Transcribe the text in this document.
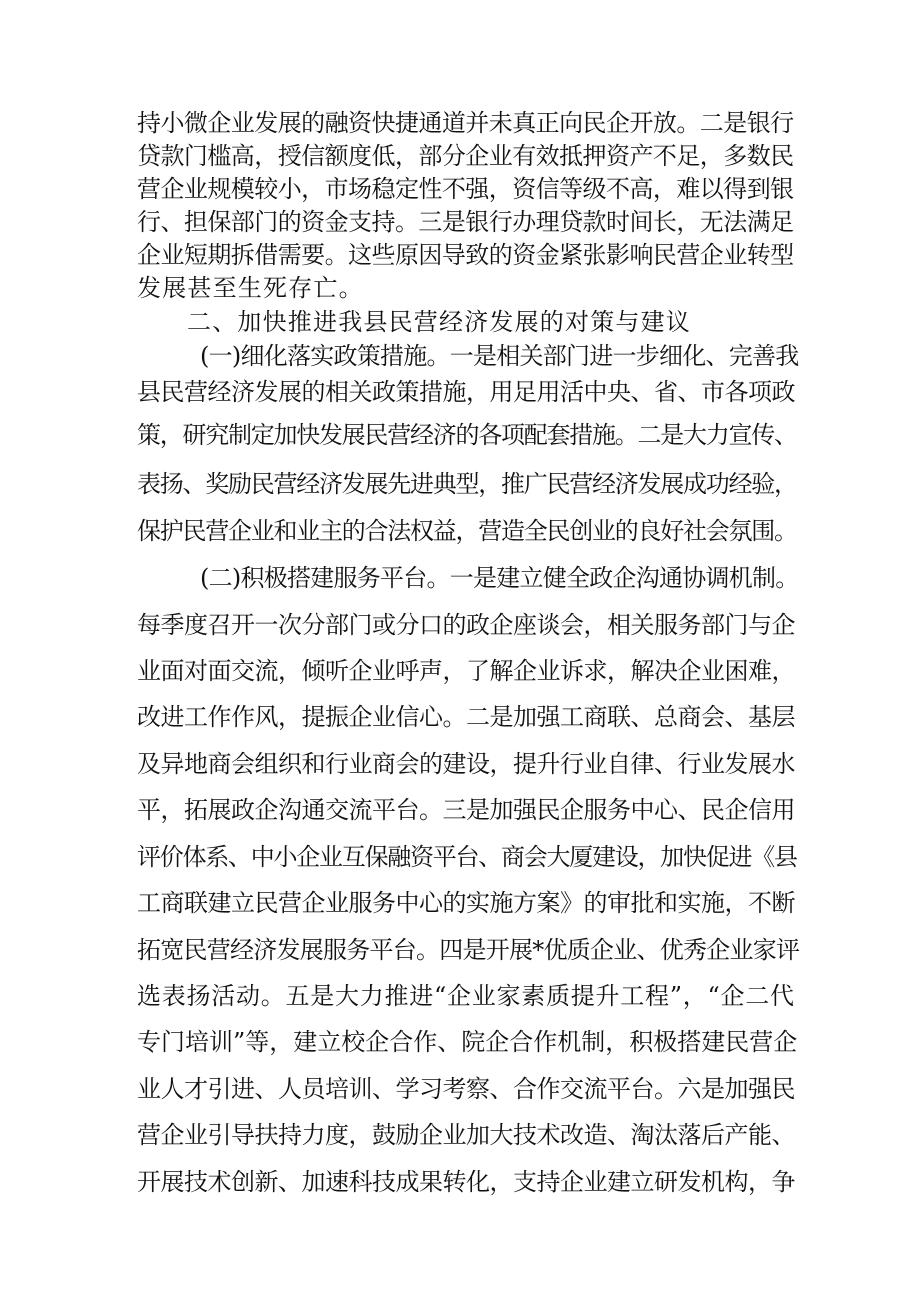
持小微企业发展的融资快捷通道并未真正向民企开放。二是银行
贷款门槛高，授信额度低，部分企业有效抵押资产不足，多数民
营企业规模较小，市场稳定性不强，资信等级不高，难以得到银
行、担保部门的资金支持。三是银行办理贷款时间长，无法满足
企业短期拆借需要。这些原因导致的资金紧张影响民营企业转型
发展甚至生死存亡。
二、加快推进我县民营经济发展的对策与建议
(一)细化落实政策措施。一是相关部门进一步细化、完善我
县民营经济发展的相关政策措施，用足用活中央、省、市各项政
策，研究制定加快发展民营经济的各项配套措施。二是大力宣传、
表扬、奖励民营经济发展先进典型，推广民营经济发展成功经验，
保护民营企业和业主的合法权益，营造全民创业的良好社会氛围。
(二)积极搭建服务平台。一是建立健全政企沟通协调机制。
每季度召开一次分部门或分口的政企座谈会，相关服务部门与企
业面对面交流，倾听企业呼声，了解企业诉求，解决企业困难，
改进工作作风，提振企业信心。二是加强工商联、总商会、基层
及异地商会组织和行业商会的建设，提升行业自律、行业发展水
平，拓展政企沟通交流平台。三是加强民企服务中心、民企信用
评价体系、中小企业互保融资平台、商会大厦建设，加快促进《县
工商联建立民营企业服务中心的实施方案》的审批和实施，不断
拓宽民营经济发展服务平台。四是开展*优质企业、优秀企业家评
选表扬活动。五是大力推进“企业家素质提升工程”，“企二代
专门培训”等，建立校企合作、院企合作机制，积极搭建民营企
业人才引进、人员培训、学习考察、合作交流平台。六是加强民
营企业引导扶持力度，鼓励企业加大技术改造、淘汰落后产能、
开展技术创新、加速科技成果转化，支持企业建立研发机构，争
